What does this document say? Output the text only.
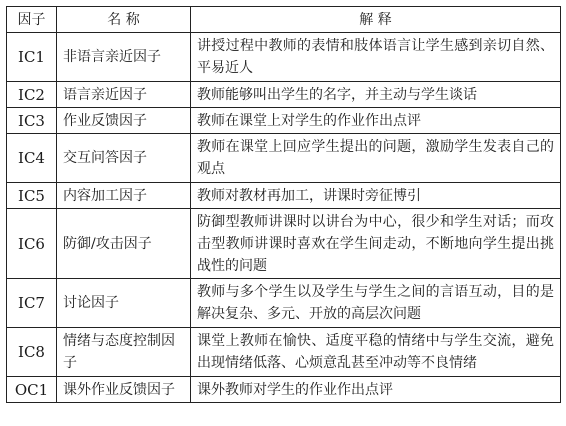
因子	名 称	解 释
IC1	非语言亲近因子	讲授过程中教师的表情和肢体语言让学生感到亲切自然、平易近人
IC2	语言亲近因子	教师能够叫出学生的名字，并主动与学生谈话
IC3	作业反馈因子	教师在课堂上对学生的作业作出点评
IC4	交互问答因子	教师在课堂上回应学生提出的问题，激励学生发表自己的观点
IC5	内容加工因子	教师对教材再加工，讲课时旁征博引
IC6	防御/攻击因子	防御型教师讲课时以讲台为中心，很少和学生对话；而攻击型教师讲课时喜欢在学生间走动，不断地向学生提出挑战性的问题
IC7	讨论因子	教师与多个学生以及学生与学生之间的言语互动，目的是解决复杂、多元、开放的高层次问题
IC8	情绪与态度控制因子	课堂上教师在愉快、适度平稳的情绪中与学生交流，避免出现情绪低落、心烦意乱甚至冲动等不良情绪
OC1	课外作业反馈因子	课外教师对学生的作业作出点评
